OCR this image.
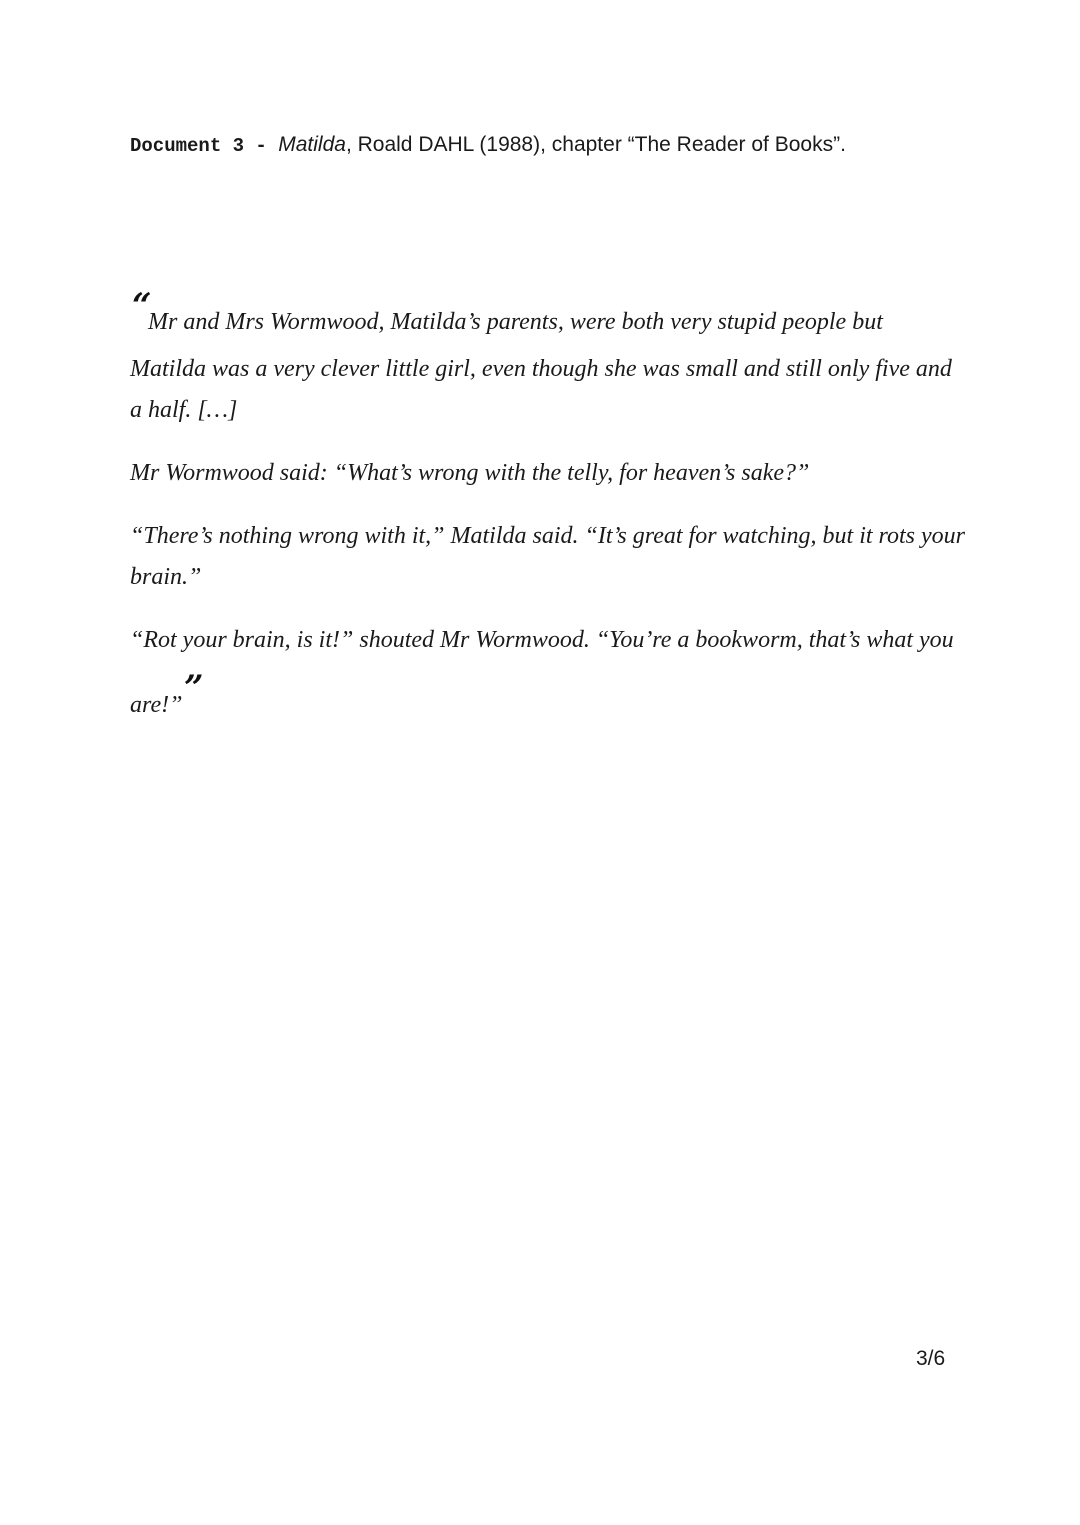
Document 3 - Matilda, Roald DAHL (1988), chapter “The Reader of Books”.
“
Mr and Mrs Wormwood, Matilda’s parents, were both very stupid people but
Matilda was a very clever little girl, even though she was small and still only five and
a half. […]
Mr Wormwood said: “What’s wrong with the telly, for heaven’s sake?”
“There’s nothing wrong with it,” Matilda said. “It’s great for watching, but it rots your
brain.”
“Rot your brain, is it!” shouted Mr Wormwood. “You’re a bookworm, that’s what you
are!” ”
3/6
